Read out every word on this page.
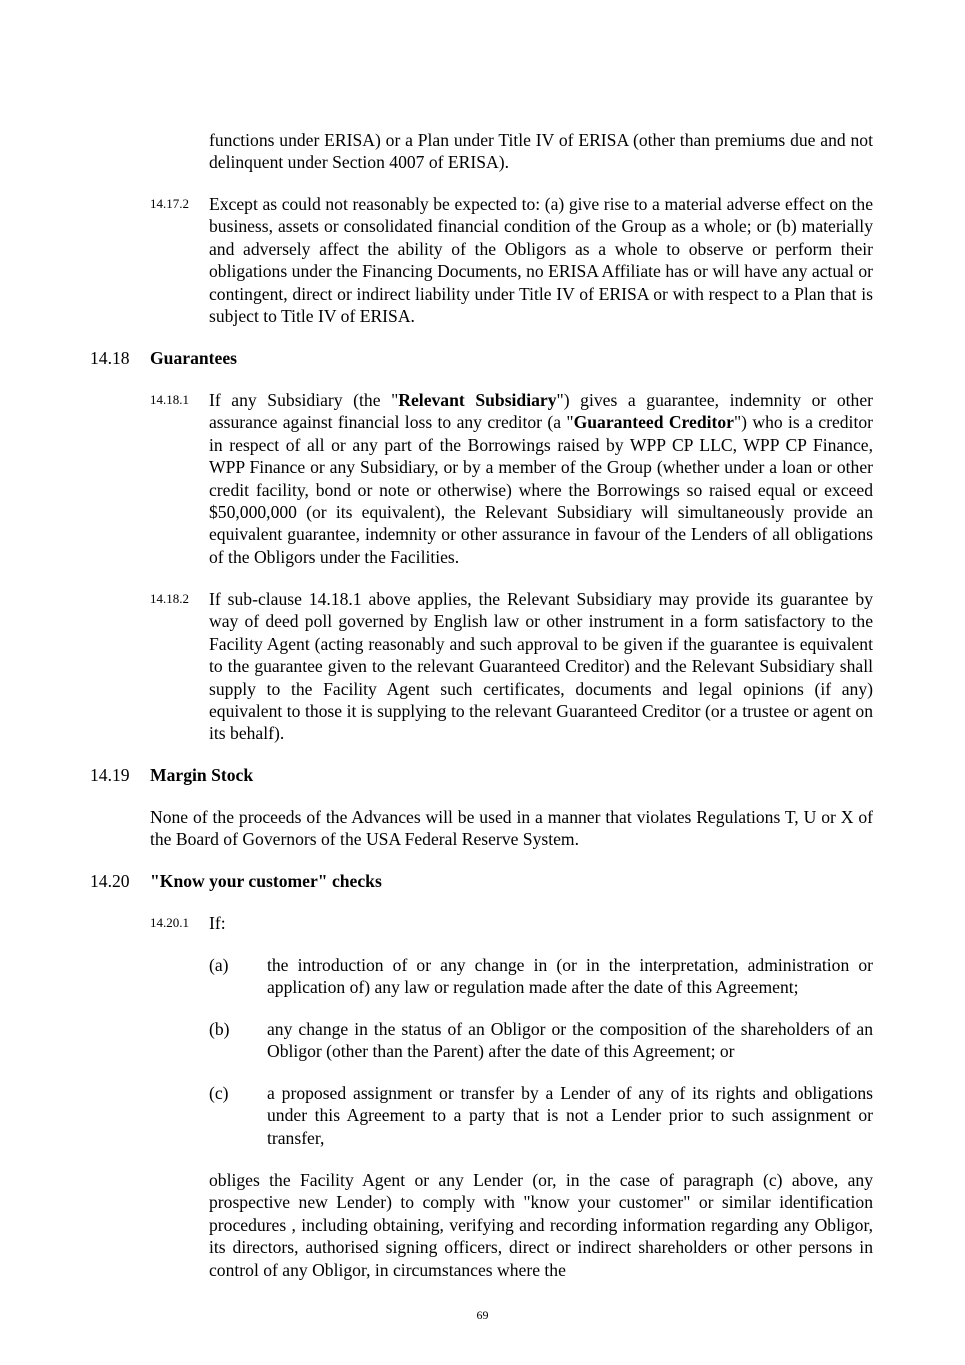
functions under ERISA) or a Plan under Title IV of ERISA (other than premiums due and not delinquent under Section 4007 of ERISA).

14.17.2 Except as could not reasonably be expected to: (a) give rise to a material adverse effect on the business, assets or consolidated financial condition of the Group as a whole; or (b) materially and adversely affect the ability of the Obligors as a whole to observe or perform their obligations under the Financing Documents, no ERISA Affiliate has or will have any actual or contingent, direct or indirect liability under Title IV of ERISA or with respect to a Plan that is subject to Title IV of ERISA.

14.18 Guarantees
14.18.1 If any Subsidiary (the "Relevant Subsidiary") gives a guarantee, indemnity or other assurance against financial loss to any creditor (a "Guaranteed Creditor") who is a creditor in respect of all or any part of the Borrowings raised by WPP CP LLC, WPP CP Finance, WPP Finance or any Subsidiary, or by a member of the Group (whether under a loan or other credit facility, bond or note or otherwise) where the Borrowings so raised equal or exceed $50,000,000 (or its equivalent), the Relevant Subsidiary will simultaneously provide an equivalent guarantee, indemnity or other assurance in favour of the Lenders of all obligations of the Obligors under the Facilities.

14.18.2 If sub-clause 14.18.1 above applies, the Relevant Subsidiary may provide its guarantee by way of deed poll governed by English law or other instrument in a form satisfactory to the Facility Agent (acting reasonably and such approval to be given if the guarantee is equivalent to the guarantee given to the relevant Guaranteed Creditor) and the Relevant Subsidiary shall supply to the Facility Agent such certificates, documents and legal opinions (if any) equivalent to those it is supplying to the relevant Guaranteed Creditor (or a trustee or agent on its behalf).

14.19 Margin Stock

None of the proceeds of the Advances will be used in a manner that violates Regulations T, U or X of the Board of Governors of the USA Federal Reserve System.

14.20 "Know your customer" checks
14.20.1 If:
(a) the introduction of or any change in (or in the interpretation, administration or application of) any law or regulation made after the date of this Agreement;

(b) any change in the status of an Obligor or the composition of the shareholders of an Obligor (other than the Parent) after the date of this Agreement; or

(c) a proposed assignment or transfer by a Lender of any of its rights and obligations under this Agreement to a party that is not a Lender prior to such assignment or transfer,

obliges the Facility Agent or any Lender (or, in the case of paragraph (c) above, any prospective new Lender) to comply with "know your customer" or similar identification procedures , including obtaining, verifying and recording information regarding any Obligor, its directors, authorised signing officers, direct or indirect shareholders or other persons in control of any Obligor, in circumstances where the

69
